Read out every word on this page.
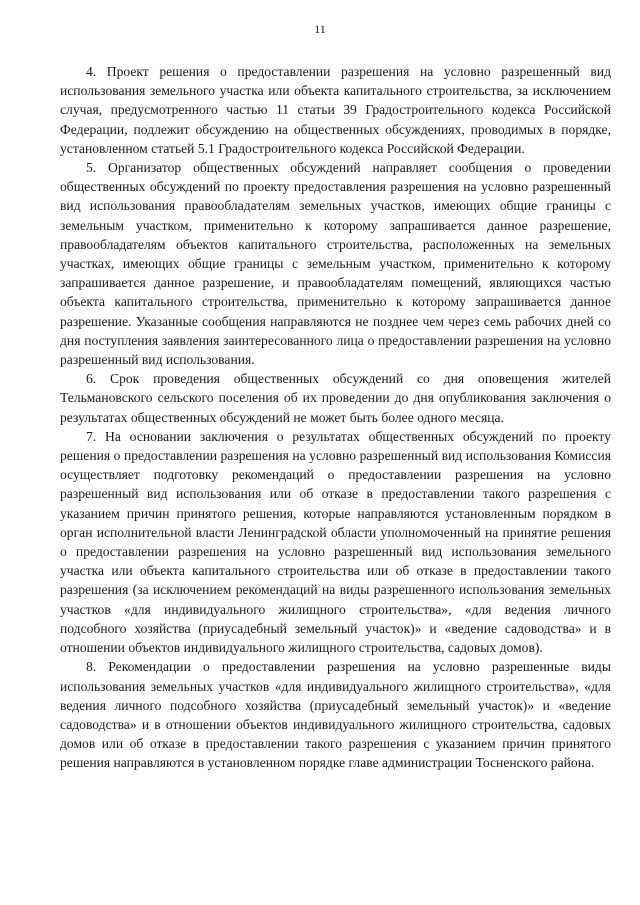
11

4. Проект решения о предоставлении разрешения на условно разрешенный вид использования земельного участка или объекта капитального строительства, за исключением случая, предусмотренного частью 11 статьи 39 Градостроительного кодекса Российской Федерации, подлежит обсуждению на общественных обсуждениях, проводимых в порядке, установленном статьей 5.1 Градостроительного кодекса Российской Федерации.

5. Организатор общественных обсуждений направляет сообщения о проведении общественных обсуждений по проекту предоставления разрешения на условно разрешенный вид использования правообладателям земельных участков, имеющих общие границы с земельным участком, применительно к которому запрашивается данное разрешение, правообладателям объектов капитального строительства, расположенных на земельных участках, имеющих общие границы с земельным участком, применительно к которому запрашивается данное разрешение, и правообладателям помещений, являющихся частью объекта капитального строительства, применительно к которому запрашивается данное разрешение. Указанные сообщения направляются не позднее чем через семь рабочих дней со дня поступления заявления заинтересованного лица о предоставлении разрешения на условно разрешенный вид использования.

6. Срок проведения общественных обсуждений со дня оповещения жителей Тельмановского сельского поселения об их проведении до дня опубликования заключения о результатах общественных обсуждений не может быть более одного месяца.

7. На основании заключения о результатах общественных обсуждений по проекту решения о предоставлении разрешения на условно разрешенный вид использования Комиссия осуществляет подготовку рекомендаций о предоставлении разрешения на условно разрешенный вид использования или об отказе в предоставлении такого разрешения с указанием причин принятого решения, которые направляются установленным порядком в орган исполнительной власти Ленинградской области уполномоченный на принятие решения о предоставлении разрешения на условно разрешенный вид использования земельного участка или объекта капитального строительства или об отказе в предоставлении такого разрешения (за исключением рекомендаций на виды разрешенного использования земельных участков «для индивидуального жилищного строительства», «для ведения личного подсобного хозяйства (приусадебный земельный участок)» и «ведение садоводства» и в отношении объектов индивидуального жилищного строительства, садовых домов).

8. Рекомендации о предоставлении разрешения на условно разрешенные виды использования земельных участков «для индивидуального жилищного строительства», «для ведения личного подсобного хозяйства (приусадебный земельный участок)» и «ведение садоводства» и в отношении объектов индивидуального жилищного строительства, садовых домов или об отказе в предоставлении такого разрешения с указанием причин принятого решения направляются в установленном порядке главе администрации Тосненского района.
